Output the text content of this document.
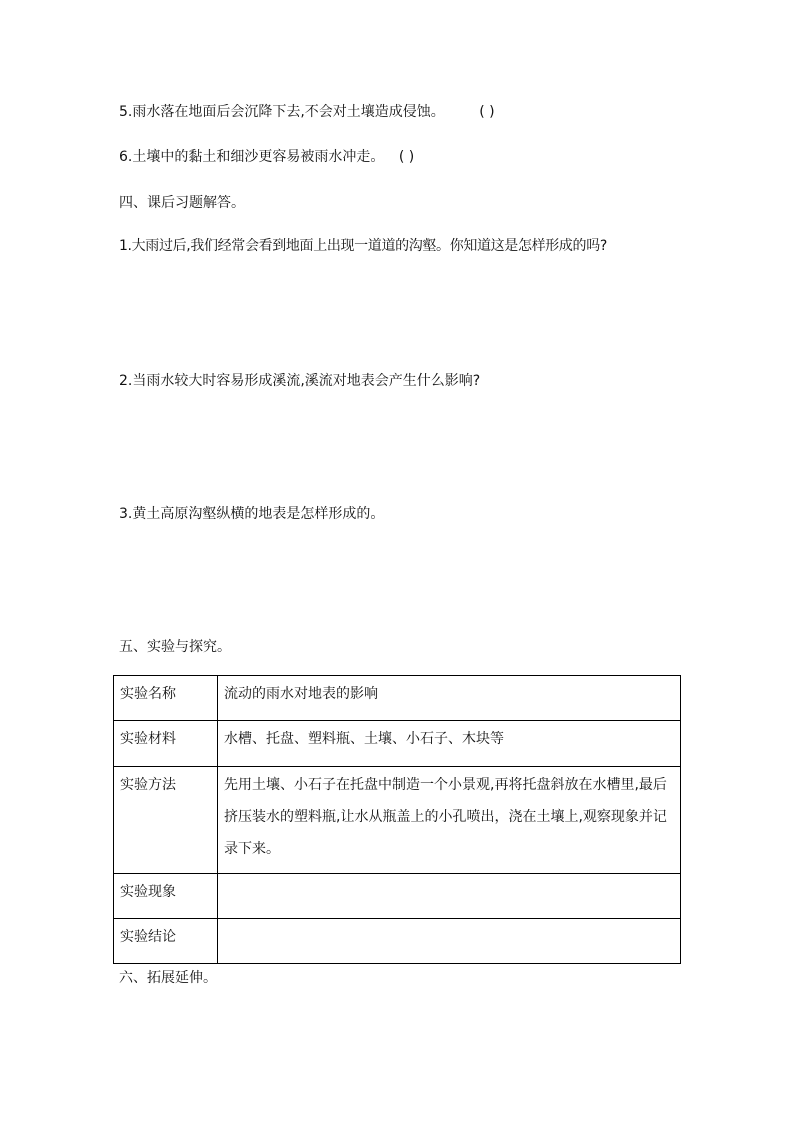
5.雨水落在地面后会沉降下去,不会对土壤造成侵蚀。 ( )
6.土壤中的黏土和细沙更容易被雨水冲走。 ( )
四、课后习题解答。
1.大雨过后,我们经常会看到地面上出现一道道的沟壑。你知道这是怎样形成的吗?
2.当雨水较大时容易形成溪流,溪流对地表会产生什么影响?
3.黄土高原沟壑纵横的地表是怎样形成的。
五、实验与探究。
实验名称	流动的雨水对地表的影响
实验材料	水槽、托盘、塑料瓶、土壤、小石子、木块等
实验方法	先用土壤、小石子在托盘中制造一个小景观,再将托盘斜放在水槽里,最后挤压装水的塑料瓶,让水从瓶盖上的小孔喷出，浇在土壤上,观察现象并记录下来。
实验现象	
实验结论	
六、拓展延伸。
